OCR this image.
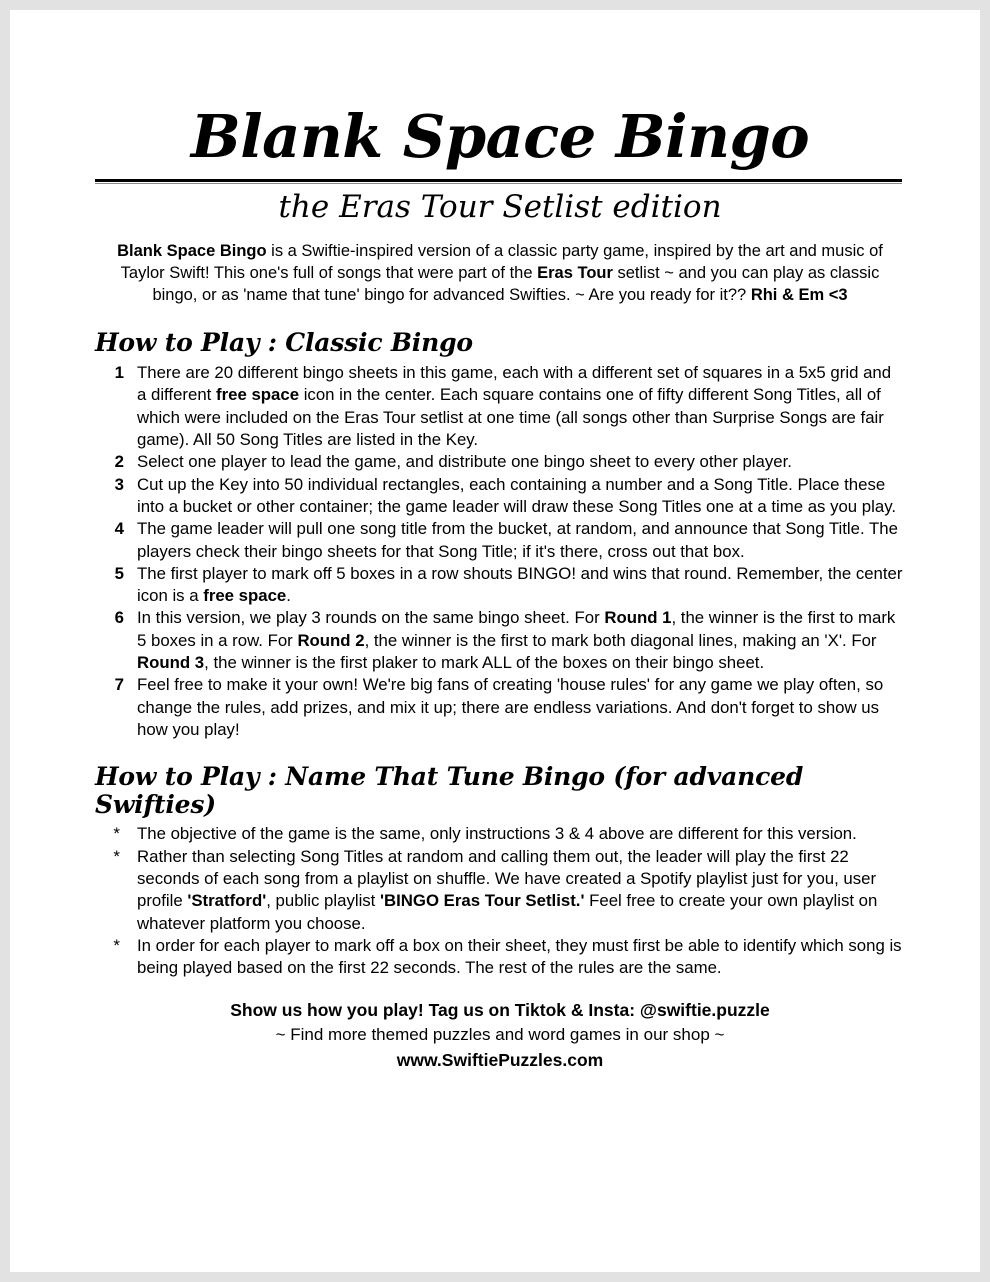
Blank Space Bingo
the Eras Tour Setlist edition

Blank Space Bingo is a Swiftie-inspired version of a classic party game, inspired by the art and music of Taylor Swift! This one's full of songs that were part of the Eras Tour setlist ~ and you can play as classic bingo, or as 'name that tune' bingo for advanced Swifties. ~ Are you ready for it?? Rhi & Em <3

How to Play : Classic Bingo
1 There are 20 different bingo sheets in this game, each with a different set of squares in a 5x5 grid and a different free space icon in the center. Each square contains one of fifty different Song Titles, all of which were included on the Eras Tour setlist at one time (all songs other than Surprise Songs are fair game). All 50 Song Titles are listed in the Key.
2 Select one player to lead the game, and distribute one bingo sheet to every other player.
3 Cut up the Key into 50 individual rectangles, each containing a number and a Song Title. Place these into a bucket or other container; the game leader will draw these Song Titles one at a time as you play.
4 The game leader will pull one song title from the bucket, at random, and announce that Song Title. The players check their bingo sheets for that Song Title; if it's there, cross out that box.
5 The first player to mark off 5 boxes in a row shouts BINGO! and wins that round. Remember, the center icon is a free space.
6 In this version, we play 3 rounds on the same bingo sheet. For Round 1, the winner is the first to mark 5 boxes in a row. For Round 2, the winner is the first to mark both diagonal lines, making an 'X'. For Round 3, the winner is the first plaker to mark ALL of the boxes on their bingo sheet.
7 Feel free to make it your own! We're big fans of creating 'house rules' for any game we play often, so change the rules, add prizes, and mix it up; there are endless variations. And don't forget to show us how you play!
How to Play : Name That Tune Bingo (for advanced Swifties)
* The objective of the game is the same, only instructions 3 & 4 above are different for this version.
* Rather than selecting Song Titles at random and calling them out, the leader will play the first 22 seconds of each song from a playlist on shuffle. We have created a Spotify playlist just for you, user profile 'Stratford', public playlist 'BINGO Eras Tour Setlist.' Feel free to create your own playlist on whatever platform you choose.
* In order for each player to mark off a box on their sheet, they must first be able to identify which song is being played based on the first 22 seconds. The rest of the rules are the same.
Show us how you play! Tag us on Tiktok & Insta: @swiftie.puzzle
~ Find more themed puzzles and word games in our shop ~
www.SwiftiePuzzles.com
